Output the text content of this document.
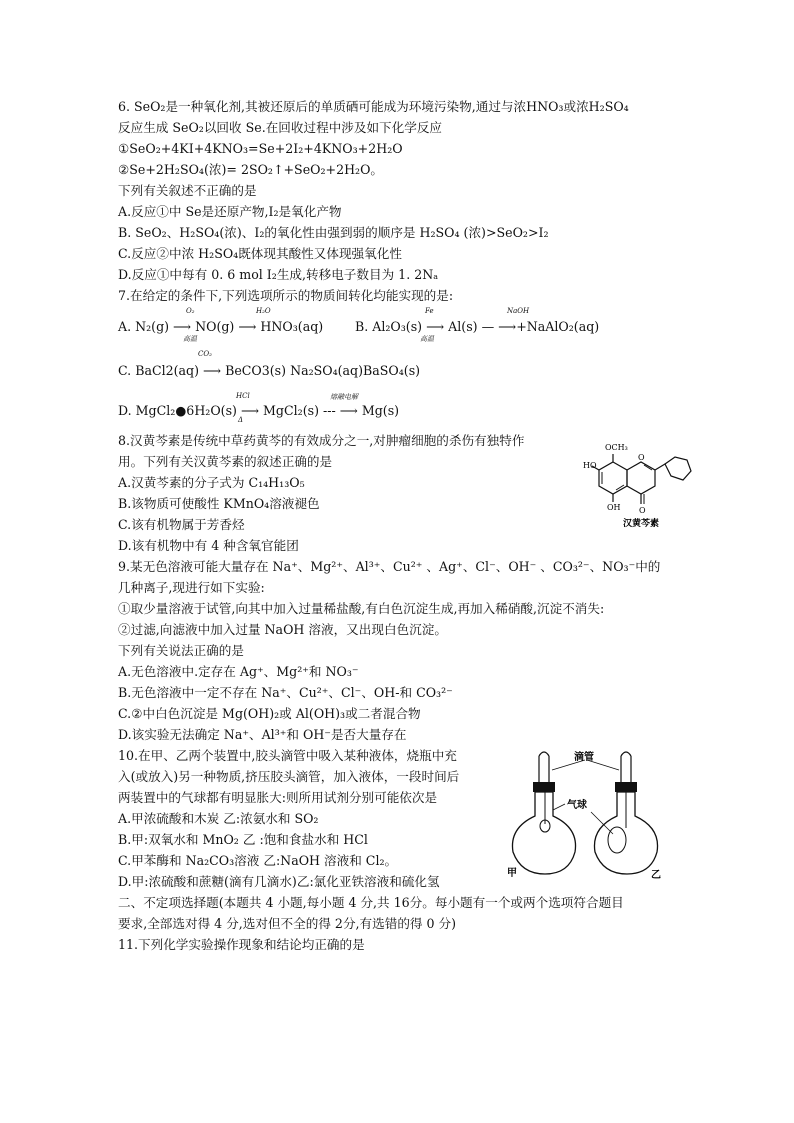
6. SeO₂是一种氧化剂,其被还原后的单质硒可能成为环境污染物,通过与浓HNO₃或浓H₂SO₄
反应生成 SeO₂以回收 Se.在回收过程中涉及如下化学反应
①SeO₂+4KI+4KNO₃=Se+2I₂+4KNO₃+2H₂O
②Se+2H₂SO₄(浓)= 2SO₂↑+SeO₂+2H₂O。
下列有关叙述不正确的是
A.反应①中 Se是还原产物,I₂是氧化产物
B. SeO₂、H₂SO₄(浓)、I₂的氧化性由强到弱的顺序是 H₂SO₄ (浓)>SeO₂>I₂
C.反应②中浓 H₂SO₄既体现其酸性又体现强氧化性
D.反应①中每有 0. 6 mol I₂生成,转移电子数目为 1. 2Nₐ
7.在给定的条件下,下列选项所示的物质间转化均能实现的是:
O₂
高温
H₂O
A. N₂(g) ⟶ NO(g) ⟶ HNO₃(aq)
Fe
高温
NaOH
B. Al₂O₃(s) ⟶ Al(s) — ⟶+NaAlO₂(aq)
CO₂
C. BaCl2(aq) ⟶ BeCO3(s) Na₂SO₄(aq)BaSO₄(s)
HCl
Δ
熔融电解
D. MgCl₂●6H₂O(s) ⟶ MgCl₂(s) --- ⟶ Mg(s)
8.汉黄芩素是传统中草药黄芩的有效成分之一,对肿瘤细胞的杀伤有独特作
用。下列有关汉黄芩素的叙述正确的是
A.汉黄芩素的分子式为 C₁₄H₁₃O₅
B.该物质可使酸性 KMnO₄溶液褪色
C.该有机物属于芳香烃
D.该有机物中有 4 种含氧官能团
OCH₃
HO
OH
O
O
汉黄芩素
9.某无色溶液可能大量存在 Na⁺、Mg²⁺、Al³⁺、Cu²⁺ 、Ag⁺、Cl⁻、OH⁻ 、CO₃²⁻、NO₃⁻中的
几种离子,现进行如下实验:
①取少量溶液于试管,向其中加入过量稀盐酸,有白色沉淀生成,再加入稀硝酸,沉淀不消失:
②过滤,向滤液中加入过量 NaOH 溶液，又出现白色沉淀。
下列有关说法正确的是
A.无色溶液中.定存在 Ag⁺、Mg²⁺和 NO₃⁻
B.无色溶液中一定不存在 Na⁺、Cu²⁺、Cl⁻、OH-和 CO₃²⁻
C.②中白色沉淀是 Mg(OH)₂或 Al(OH)₃或二者混合物
D.该实验无法确定 Na⁺、Al³⁺和 OH⁻是否大量存在
10.在甲、乙两个装置中,胶头滴管中吸入某种液体，烧瓶中充
入(或放入)另一种物质,挤压胶头滴管，加入液体，一段时间后
两装置中的气球都有明显胀大:则所用试剂分别可能依次是
A.甲浓硫酸和木炭 乙:浓氨水和 SO₂
B.甲:双氧水和 MnO₂ 乙 :饱和食盐水和 HCl
C.甲苯酶和 Na₂CO₃溶液 乙:NaOH 溶液和 Cl₂。
D.甲:浓硫酸和蔗糖(滴有几滴水)乙:氯化亚铁溶液和硫化氢
滴管
气球
甲	乙
二、不定项选择题(本题共 4 小题,每小题 4 分,共 16分。每小题有一个或两个选项符合题目
要求,全部选对得 4 分,选对但不全的得 2分,有选错的得 0 分)
11.下列化学实验操作现象和结论均正确的是
